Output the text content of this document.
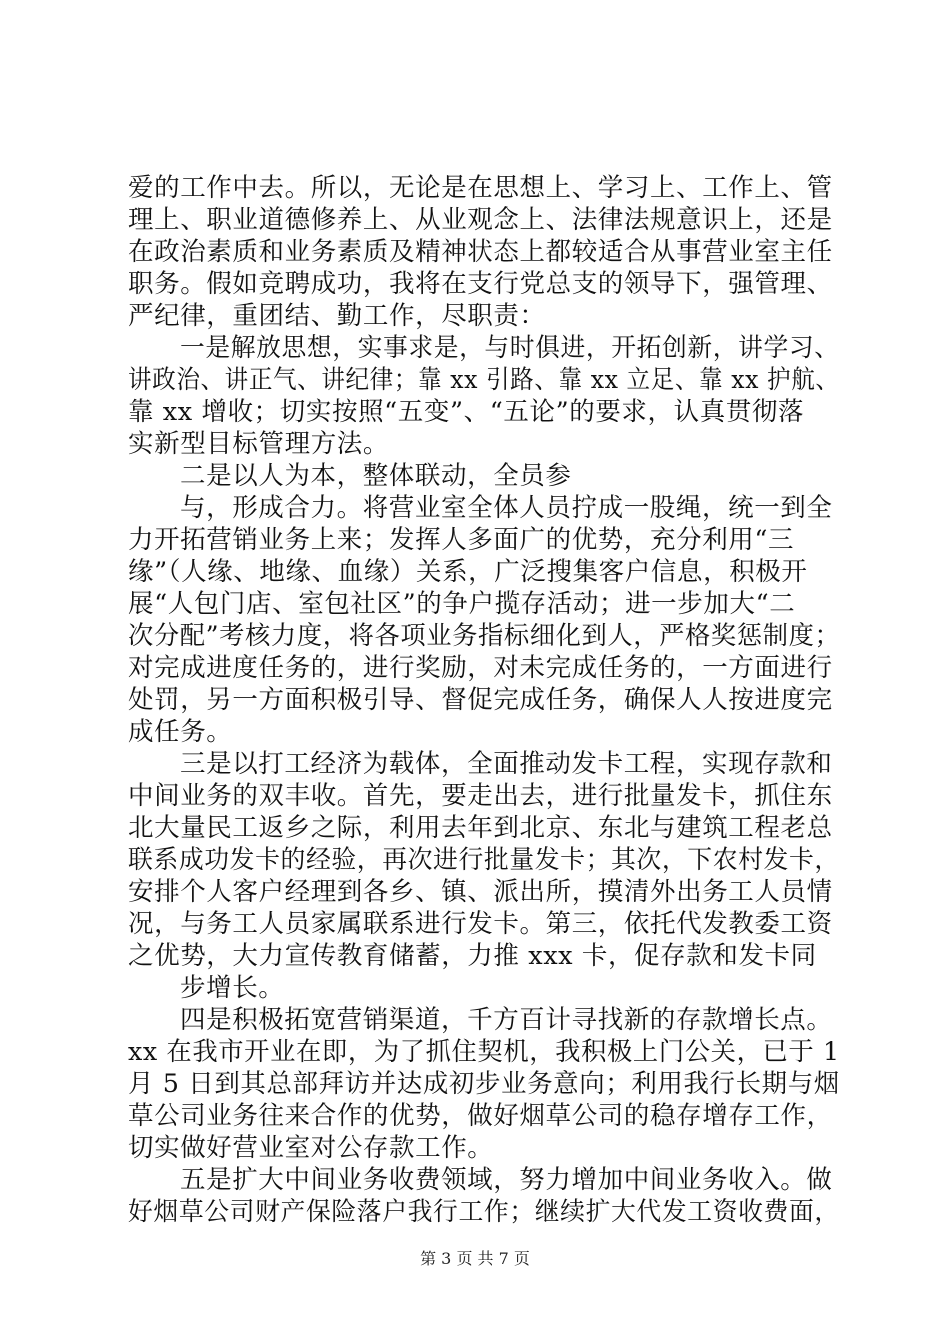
爱的工作中去。所以，无论是在思想上、学习上、工作上、管
理上、职业道德修养上、从业观念上、法律法规意识上，还是
在政治素质和业务素质及精神状态上都较适合从事营业室主任
职务。假如竞聘成功，我将在支行党总支的领导下，强管理、
严纪律，重团结、勤工作，尽职责：
一是解放思想，实事求是，与时俱进，开拓创新，讲学习、
讲政治、讲正气、讲纪律；靠 xx 引路、靠 xx 立足、靠 xx 护航、
靠 xx 增收；切实按照“五变”、“五论”的要求，认真贯彻落
实新型目标管理方法。
二是以人为本，整体联动，全员参
与，形成合力。将营业室全体人员拧成一股绳，统一到全
力开拓营销业务上来；发挥人多面广的优势，充分利用“三
缘”（人缘、地缘、血缘）关系，广泛搜集客户信息，积极开
展“人包门店、室包社区”的争户揽存活动；进一步加大“二
次分配”考核力度，将各项业务指标细化到人，严格奖惩制度；
对完成进度任务的，进行奖励，对未完成任务的，一方面进行
处罚，另一方面积极引导、督促完成任务，确保人人按进度完
成任务。
三是以打工经济为载体，全面推动发卡工程，实现存款和
中间业务的双丰收。首先，要走出去，进行批量发卡，抓住东
北大量民工返乡之际，利用去年到北京、东北与建筑工程老总
联系成功发卡的经验，再次进行批量发卡；其次，下农村发卡，
安排个人客户经理到各乡、镇、派出所，摸清外出务工人员情
况，与务工人员家属联系进行发卡。第三，依托代发教委工资
之优势，大力宣传教育储蓄，力推 xxx 卡，促存款和发卡同
步增长。
四是积极拓宽营销渠道，千方百计寻找新的存款增长点。
xx 在我市开业在即，为了抓住契机，我积极上门公关，已于 1
月 5 日到其总部拜访并达成初步业务意向；利用我行长期与烟
草公司业务往来合作的优势，做好烟草公司的稳存增存工作，
切实做好营业室对公存款工作。
五是扩大中间业务收费领域，努力增加中间业务收入。做
好烟草公司财产保险落户我行工作；继续扩大代发工资收费面，
第 3 页 共 7 页
